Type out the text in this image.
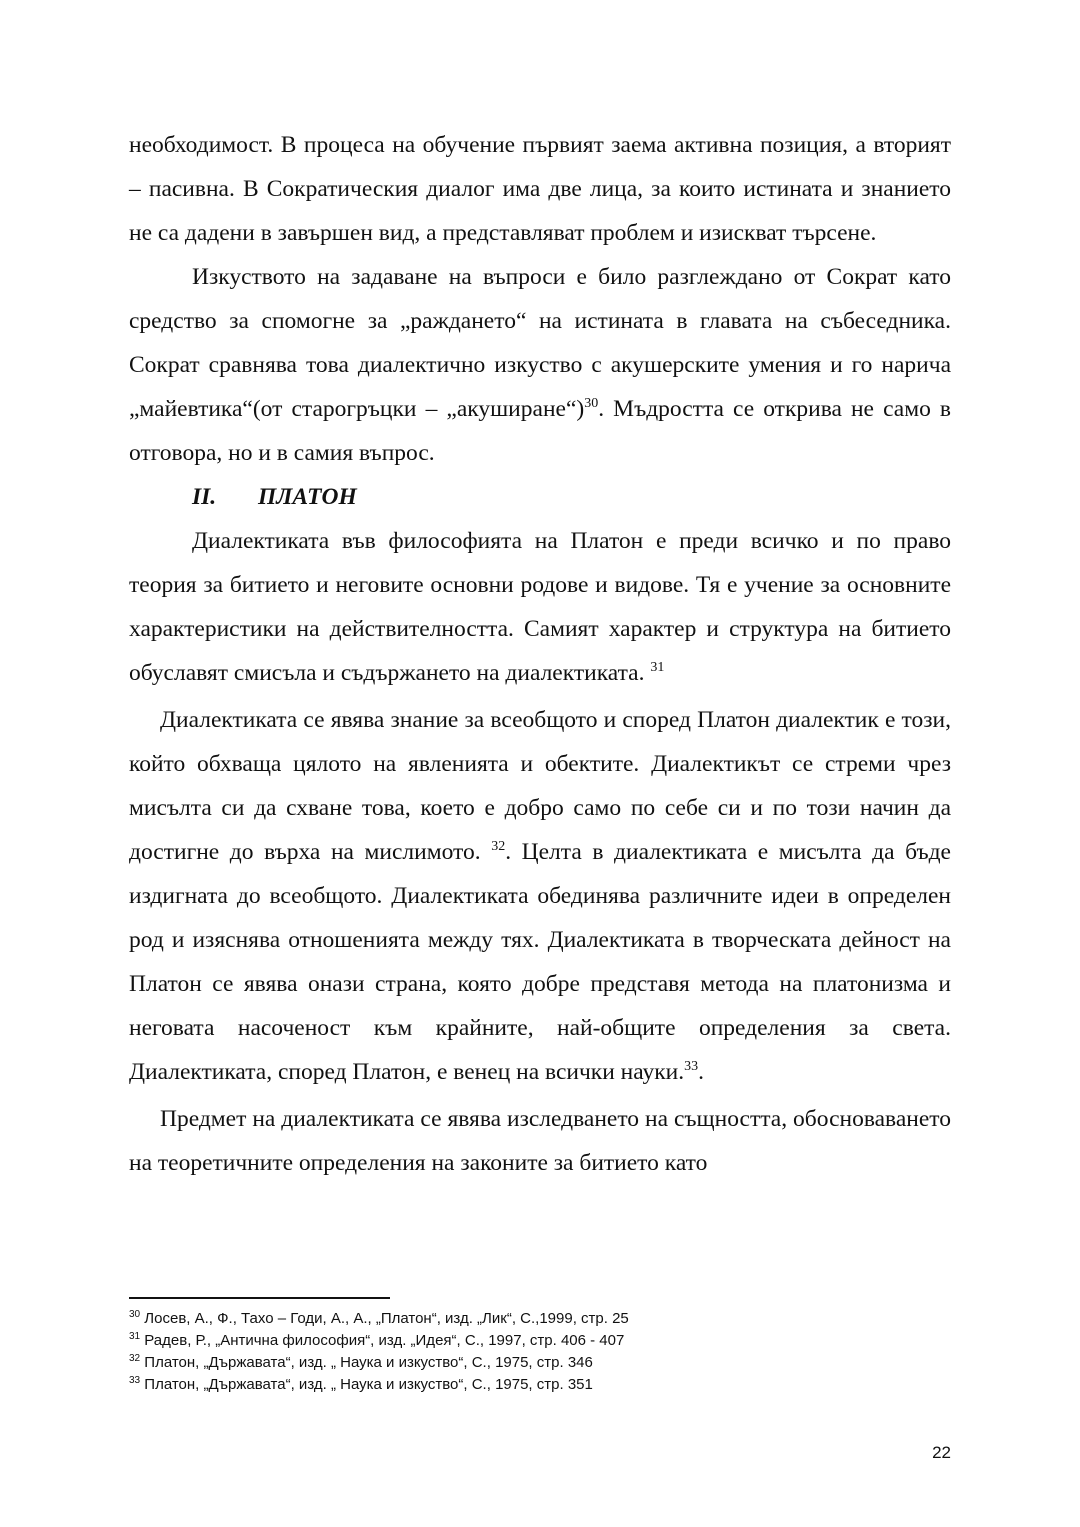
необходимост. В процеса на обучение първият заема активна позиция, а вторият – пасивна. В Сократическия диалог има две лица, за които истината и знанието не са дадени в завършен вид, а представляват проблем и изискват търсене.

Изкуството на задаване на въпроси е било разглеждано от Сократ като средство за спомогне за „раждането“ на истината в главата на събеседника. Сократ сравнява това диалектично изкуство с акушерските умения и го нарича „майевтика“(от старогръцки – „акуширане“)$^{30}$. Мъдростта се открива не само в отговора, но и в самия въпрос.

II. ПЛАТОН

Диалектиката във философията на Платон е преди всичко и по право теория за битието и неговите основни родове и видове. Тя е учение за основните характеристики на действителността. Самият характер и структура на битието обуславят смисъла и съдържането на диалектиката. $^{31}$

Диалектиката се явява знание за всеобщото и според Платон диалектик е този, който обхваща цялото на явленията и обектите. Диалектикът се стреми чрез мисълта си да схване това, което е добро само по себе си и по този начин да достигне до върха на мислимото. $^{32}$. Целта в диалектиката е мисълта да бъде издигната до всеобщото. Диалектиката обединява различните идеи в определен род и изяснява отношенията между тях. Диалектиката в творческата дейност на Платон се явява онази страна, която добре представя метода на платонизма и неговата насоченост към крайните, най-общите определения за света. Диалектиката, според Платон, е венец на всички науки.$^{33}$.

Предмет на диалектиката се явява изследването на същността, обосноваването на теоретичните определения на законите за битието като

$^{30}$ Лосев, А., Ф., Тахо – Годи, А., А., „Платон“, изд. „Лик“, С.,1999, стр. 25
$^{31}$ Радев, Р., „Антична философия“, изд. „Идея“, С., 1997, стр. 406 - 407
$^{32}$ Платон, „Държавата“, изд. „ Наука и изкуство“, С., 1975, стр. 346
$^{33}$ Платон, „Държавата“, изд. „ Наука и изкуство“, С., 1975, стр. 351
22
